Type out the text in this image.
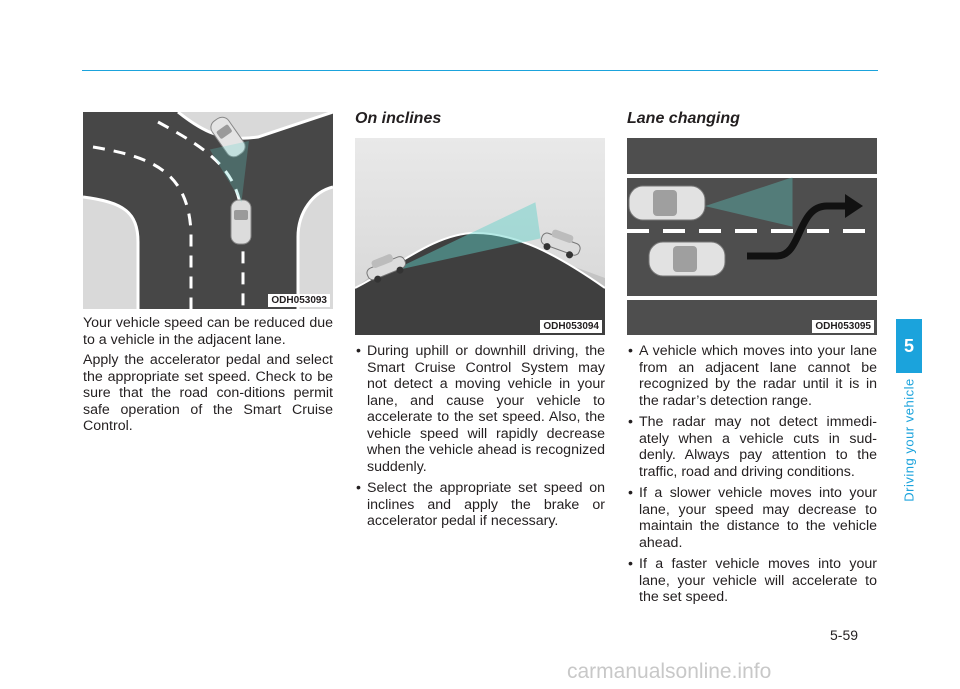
ODH053093

Your vehicle speed can be reduced due to a vehicle in the adjacent lane.

Apply the accelerator pedal and select the appropriate set speed. Check to be sure that the road con-ditions permit safe operation of the Smart Cruise Control.

On inclines
ODH053094
• During uphill or downhill driving, the Smart Cruise Control System may not detect a moving vehicle in your lane, and cause your vehicle to accelerate to the set speed. Also, the vehicle speed will rapidly decrease when the vehicle ahead is recognized suddenly.
• Select the appropriate set speed on inclines and apply the brake or accelerator pedal if necessary.
Lane changing
ODH053095
• A vehicle which moves into your lane from an adjacent lane cannot be recognized by the radar until it is in the radar’s detection range.
• The radar may not detect immedi-ately when a vehicle cuts in sud-denly. Always pay attention to the traffic, road and driving conditions.
• If a slower vehicle moves into your lane, your speed may decrease to maintain the distance to the vehicle ahead.
• If a faster vehicle moves into your lane, your vehicle will accelerate to the set speed.
5
Driving your vehicle
5-59
carmanualsonline.info
